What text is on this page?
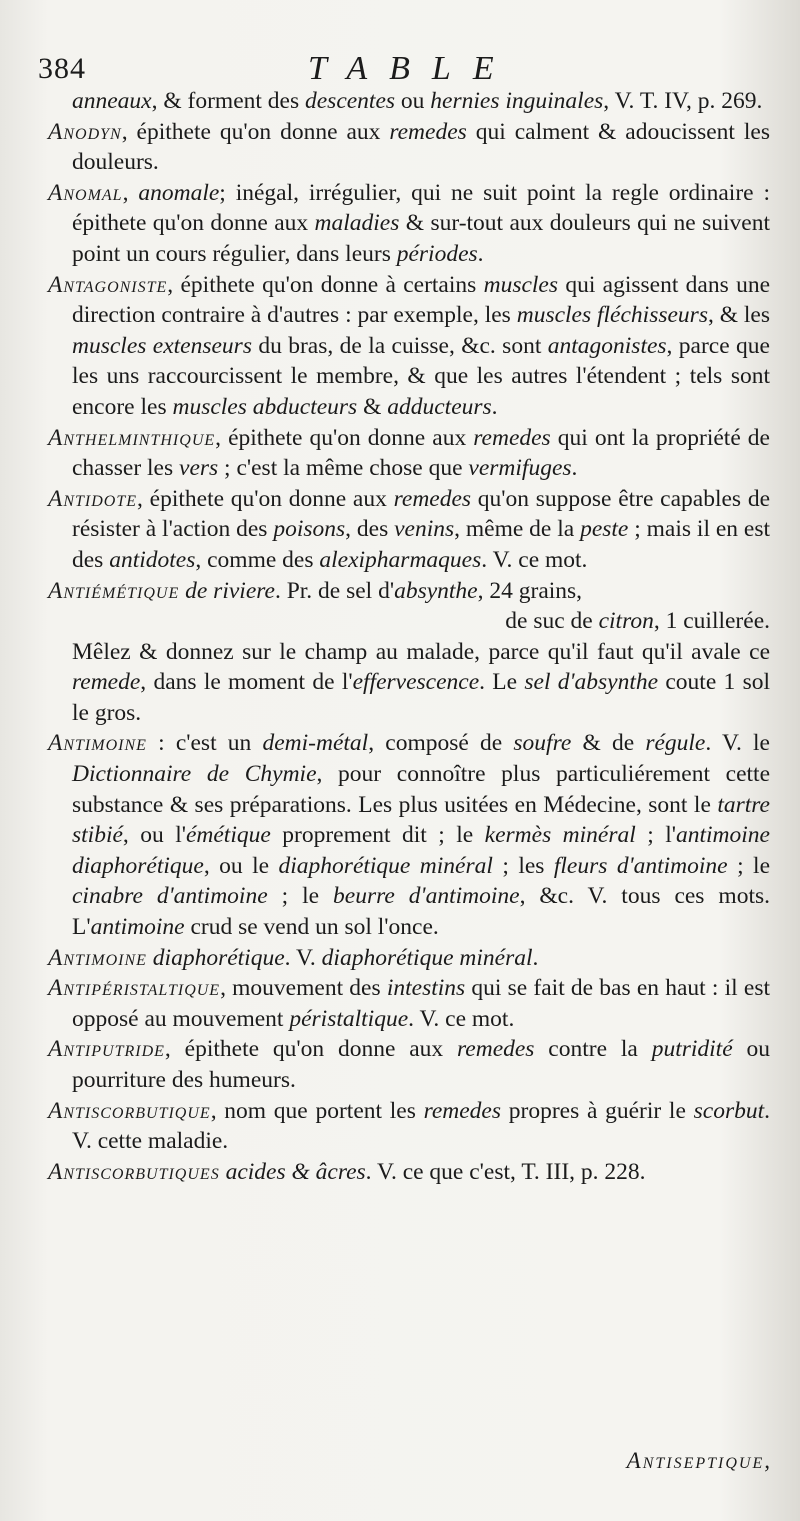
384	TABLE

anneaux, & forment des descentes ou hernies inguinales, V. T. IV, p. 269.

Anodyn, épithete qu'on donne aux remedes qui calment & adoucissent les douleurs.

Anomal, anomale; inégal, irrégulier, qui ne suit point la regle ordinaire : épithete qu'on donne aux maladies & sur-tout aux douleurs qui ne suivent point un cours régulier, dans leurs périodes.

Antagoniste, épithete qu'on donne à certains muscles qui agissent dans une direction contraire à d'autres : par exemple, les muscles fléchisseurs, & les muscles extenseurs du bras, de la cuisse, &c. sont antagonistes, parce que les uns raccourcissent le membre, & que les autres l'étendent ; tels sont encore les muscles abducteurs & adducteurs.

Anthelminthique, épithete qu'on donne aux remedes qui ont la propriété de chasser les vers ; c'est la même chose que vermifuges.

Antidote, épithete qu'on donne aux remedes qu'on suppose être capables de résister à l'action des poisons, des venins, même de la peste ; mais il en est des antidotes, comme des alexipharmaques. V. ce mot.

Antiémétique de riviere. Pr. de sel d'absynthe, 24 grains,

de suc de citron, 1 cuillerée.

Mêlez & donnez sur le champ au malade, parce qu'il faut qu'il avale ce remede, dans le moment de l'effervescence. Le sel d'absynthe coute 1 sol le gros.

Antimoine : c'est un demi-métal, composé de soufre & de régule. V. le Dictionnaire de Chymie, pour connoître plus particuliérement cette substance & ses préparations. Les plus usitées en Médecine, sont le tartre stibié, ou l'émétique proprement dit ; le kermès minéral ; l'antimoine diaphorétique, ou le diaphorétique minéral ; les fleurs d'antimoine ; le cinabre d'antimoine ; le beurre d'antimoine, &c. V. tous ces mots. L'antimoine crud se vend un sol l'once.

Antimoine diaphorétique. V. diaphorétique minéral.

Antipéristaltique, mouvement des intestins qui se fait de bas en haut : il est opposé au mouvement péristaltique. V. ce mot.

Antiputride, épithete qu'on donne aux remedes contre la putridité ou pourriture des humeurs.

Antiscorbutique, nom que portent les remedes propres à guérir le scorbut. V. cette maladie.

Antiscorbutiques acides & âcres. V. ce que c'est, T. III, p. 228.

Antiseptique,
